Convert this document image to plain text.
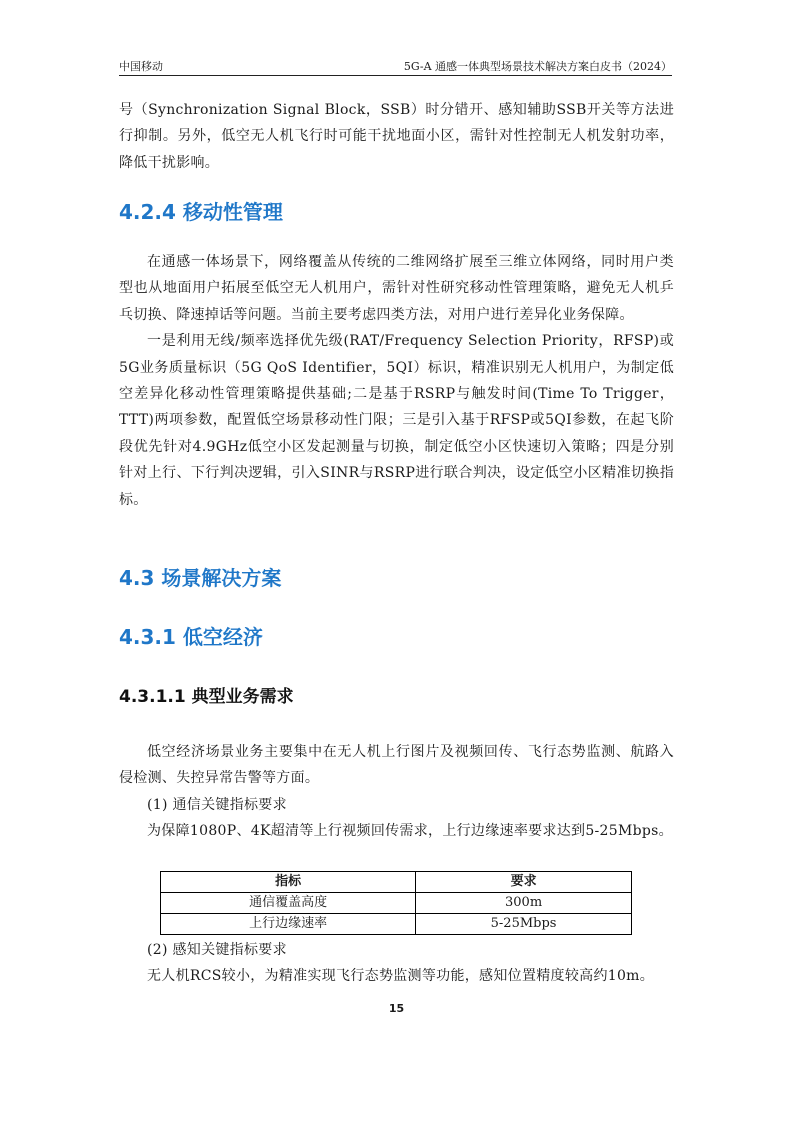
中国移动	5G-A 通感一体典型场景技术解决方案白皮书（2024）

号（Synchronization Signal Block，SSB）时分错开、感知辅助SSB开关等方法进行抑制。另外，低空无人机飞行时可能干扰地面小区，需针对性控制无人机发射功率，降低干扰影响。

4.2.4 移动性管理

在通感一体场景下，网络覆盖从传统的二维网络扩展至三维立体网络，同时用户类型也从地面用户拓展至低空无人机用户，需针对性研究移动性管理策略，避免无人机乒乓切换、降速掉话等问题。当前主要考虑四类方法，对用户进行差异化业务保障。

一是利用无线/频率选择优先级(RAT/Frequency Selection Priority，RFSP)或5G业务质量标识（5G QoS Identifier，5QI）标识，精准识别无人机用户，为制定低空差异化移动性管理策略提供基础;二是基于RSRP与触发时间(Time To Trigger，TTT)两项参数，配置低空场景移动性门限；三是引入基于RFSP或5QI参数，在起飞阶段优先针对4.9GHz低空小区发起测量与切换，制定低空小区快速切入策略；四是分别针对上行、下行判决逻辑，引入SINR与RSRP进行联合判决，设定低空小区精准切换指标。

4.3 场景解决方案
4.3.1 低空经济
4.3.1.1 典型业务需求

低空经济场景业务主要集中在无人机上行图片及视频回传、飞行态势监测、航路入侵检测、失控异常告警等方面。

(1) 通信关键指标要求

为保障1080P、4K超清等上行视频回传需求，上行边缘速率要求达到5-25Mbps。

指标	要求
通信覆盖高度	300m
上行边缘速率	5-25Mbps

(2) 感知关键指标要求

无人机RCS较小，为精准实现飞行态势监测等功能，感知位置精度较高约10m。

15
